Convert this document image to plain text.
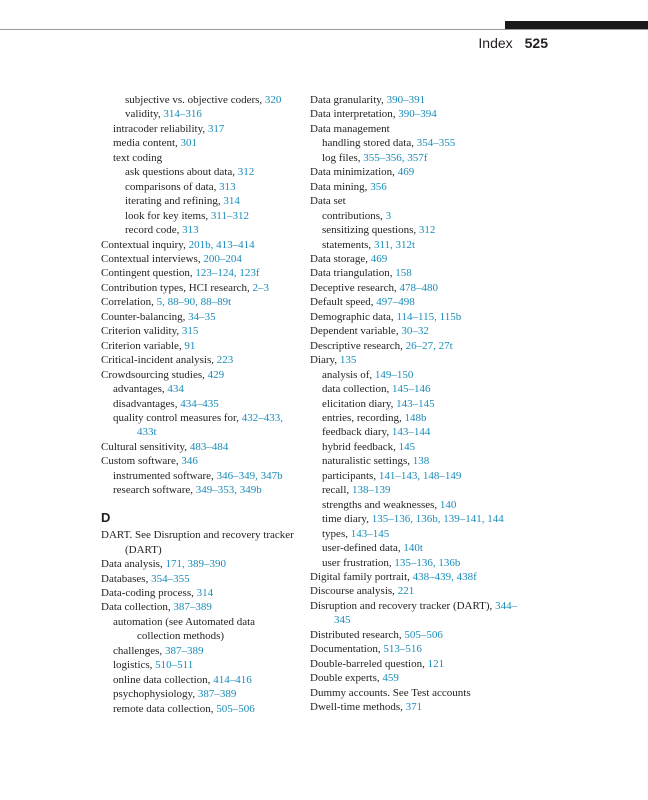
Index 525
subjective vs. objective coders, 320
validity, 314–316
intracoder reliability, 317
media content, 301
text coding
ask questions about data, 312
comparisons of data, 313
iterating and refining, 314
look for key items, 311–312
record code, 313
Contextual inquiry, 201b, 413–414
Contextual interviews, 200–204
Contingent question, 123–124, 123f
Contribution types, HCI research, 2–3
Correlation, 5, 88–90, 88–89t
Counter-balancing, 34–35
Criterion validity, 315
Criterion variable, 91
Critical-incident analysis, 223
Crowdsourcing studies, 429
advantages, 434
disadvantages, 434–435
quality control measures for, 432–433, 433t
Cultural sensitivity, 483–484
Custom software, 346
instrumented software, 346–349, 347b
research software, 349–353, 349b
D
DART. See Disruption and recovery tracker (DART)
Data analysis, 171, 389–390
Databases, 354–355
Data-coding process, 314
Data collection, 387–389
automation (see Automated data collection methods)
challenges, 387–389
logistics, 510–511
online data collection, 414–416
psychophysiology, 387–389
remote data collection, 505–506
Data granularity, 390–391
Data interpretation, 390–394
Data management
handling stored data, 354–355
log files, 355–356, 357f
Data minimization, 469
Data mining, 356
Data set
contributions, 3
sensitizing questions, 312
statements, 311, 312t
Data storage, 469
Data triangulation, 158
Deceptive research, 478–480
Default speed, 497–498
Demographic data, 114–115, 115b
Dependent variable, 30–32
Descriptive research, 26–27, 27t
Diary, 135
analysis of, 149–150
data collection, 145–146
elicitation diary, 143–145
entries, recording, 148b
feedback diary, 143–144
hybrid feedback, 145
naturalistic settings, 138
participants, 141–143, 148–149
recall, 138–139
strengths and weaknesses, 140
time diary, 135–136, 136b, 139–141, 144
types, 143–145
user-defined data, 140t
user frustration, 135–136, 136b
Digital family portrait, 438–439, 438f
Discourse analysis, 221
Disruption and recovery tracker (DART), 344–345
Distributed research, 505–506
Documentation, 513–516
Double-barreled question, 121
Double experts, 459
Dummy accounts. See Test accounts
Dwell-time methods, 371
